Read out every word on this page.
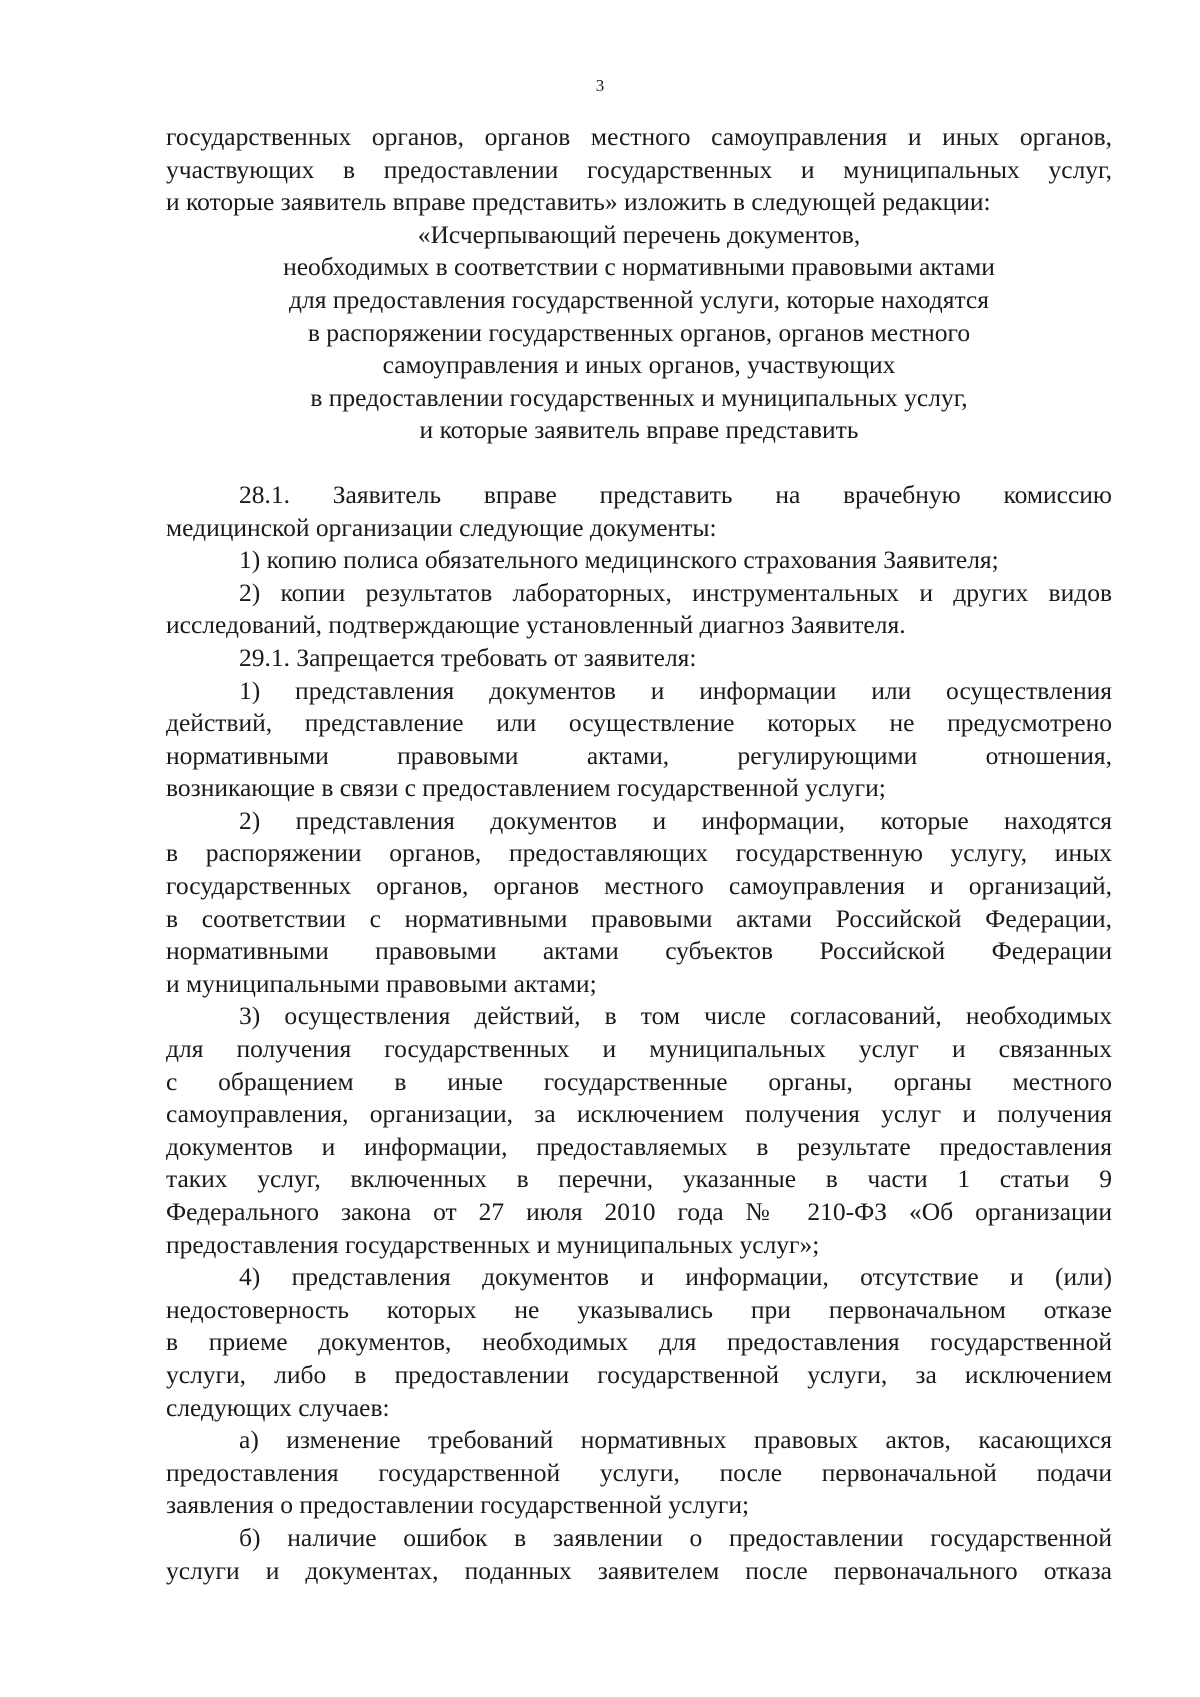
3
государственных органов, органов местного самоуправления и иных органов,
участвующих в предоставлении государственных и муниципальных услуг,
и которые заявитель вправе представить» изложить в следующей редакции:
«Исчерпывающий перечень документов,
необходимых в соответствии с нормативными правовыми актами
для предоставления государственной услуги, которые находятся
в распоряжении государственных органов, органов местного
самоуправления и иных органов, участвующих
в предоставлении государственных и муниципальных услуг,
и которые заявитель вправе представить
28.1. Заявитель вправе представить на врачебную комиссию
медицинской организации следующие документы:
1) копию полиса обязательного медицинского страхования Заявителя;
2) копии результатов лабораторных, инструментальных и других видов
исследований, подтверждающие установленный диагноз Заявителя.
29.1. Запрещается требовать от заявителя:
1) представления документов и информации или осуществления
действий, представление или осуществление которых не предусмотрено
нормативными правовыми актами, регулирующими отношения,
возникающие в связи с предоставлением государственной услуги;
2) представления документов и информации, которые находятся
в распоряжении органов, предоставляющих государственную услугу, иных
государственных органов, органов местного самоуправления и организаций,
в соответствии с нормативными правовыми актами Российской Федерации,
нормативными правовыми актами субъектов Российской Федерации
и муниципальными правовыми актами;
3) осуществления действий, в том числе согласований, необходимых
для получения государственных и муниципальных услуг и связанных
с обращением в иные государственные органы, органы местного
самоуправления, организации, за исключением получения услуг и получения
документов и информации, предоставляемых в результате предоставления
таких услуг, включенных в перечни, указанные в части 1 статьи 9
Федерального закона от 27 июля 2010 года № 210-ФЗ «Об организации
предоставления государственных и муниципальных услуг»;
4) представления документов и информации, отсутствие и (или)
недостоверность которых не указывались при первоначальном отказе
в приеме документов, необходимых для предоставления государственной
услуги, либо в предоставлении государственной услуги, за исключением
следующих случаев:
а) изменение требований нормативных правовых актов, касающихся
предоставления государственной услуги, после первоначальной подачи
заявления о предоставлении государственной услуги;
б) наличие ошибок в заявлении о предоставлении государственной
услуги и документах, поданных заявителем после первоначального отказа
